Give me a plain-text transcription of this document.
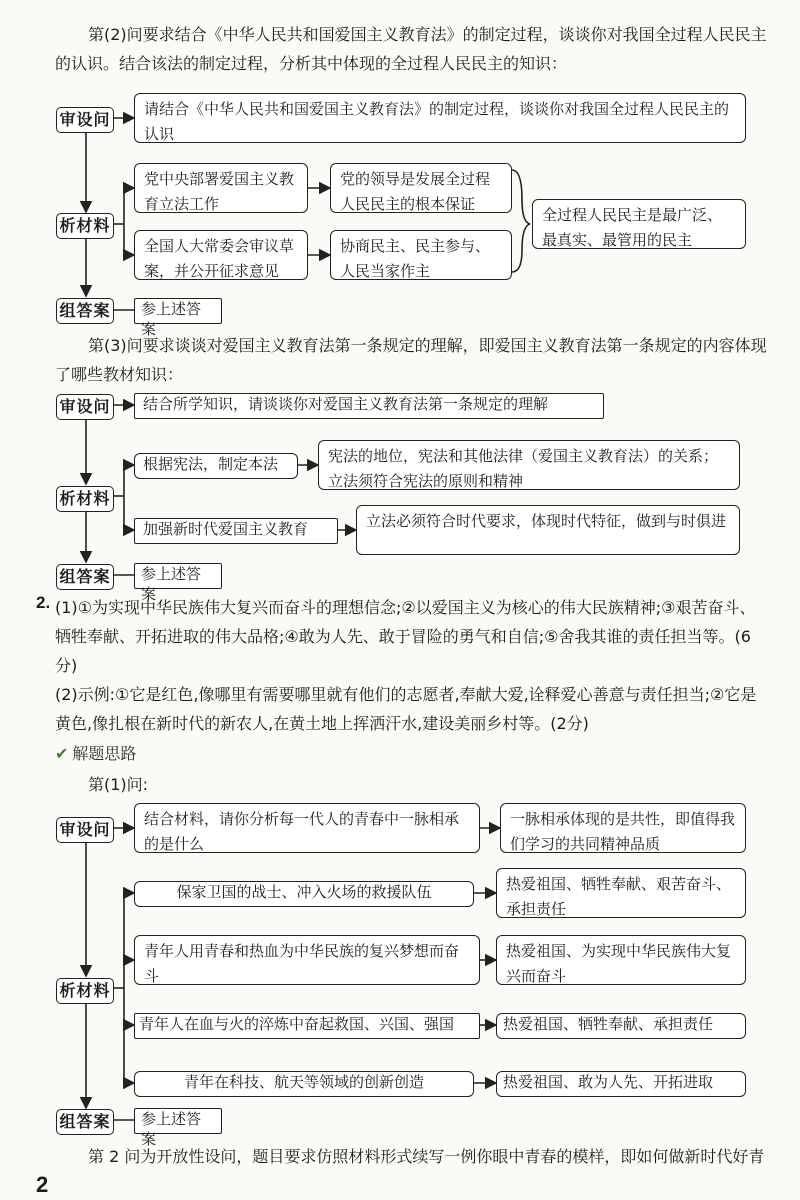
第(2)问要求结合《中华人民共和国爱国主义教育法》的制定过程，谈谈你对我国全过程人民民主的认识。结合该法的制定过程，分析其中体现的全过程人民民主的知识：

审设问
请结合《中华人民共和国爱国主义教育法》的制定过程，谈谈你对我国全过程人民民主的认识
析材料
党中央部署爱国主义教育立法工作
全国人大常委会审议草案，并公开征求意见
党的领导是发展全过程人民民主的根本保证
协商民主、民主参与、人民当家作主
全过程人民民主是最广泛、最真实、最管用的民主
组答案	参上述答案

第(3)问要求谈谈对爱国主义教育法第一条规定的理解，即爱国主义教育法第一条规定的内容体现了哪些教材知识：

审设问	结合所学知识，请谈谈你对爱国主义教育法第一条规定的理解
析材料
根据宪法，制定本法
加强新时代爱国主义教育
宪法的地位，宪法和其他法律（爱国主义教育法）的关系；立法须符合宪法的原则和精神
立法必须符合时代要求，体现时代特征，做到与时俱进
组答案	参上述答案
2. (1)①为实现中华民族伟大复兴而奋斗的理想信念;②以爱国主义为核心的伟大民族精神;③艰苦奋斗、牺牲奉献、开拓进取的伟大品格;④敢为人先、敢于冒险的勇气和自信;⑤舍我其谁的责任担当等。(6分)

(2)示例:①它是红色,像哪里有需要哪里就有他们的志愿者,奉献大爱,诠释爱心善意与责任担当;②它是黄色,像扎根在新时代的新农人,在黄土地上挥洒汗水,建设美丽乡村等。(2分)

✔ 解题思路

第(1)问:

审设问
结合材料，请你分析每一代人的青春中一脉相承的是什么
一脉相承体现的是共性，即值得我们学习的共同精神品质
析材料
保家卫国的战士、冲入火场的救援队伍
青年人用青春和热血为中华民族的复兴梦想而奋斗
青年人在血与火的淬炼中奋起救国、兴国、强国
青年在科技、航天等领域的创新创造
热爱祖国、牺牲奉献、艰苦奋斗、承担责任
热爱祖国、为实现中华民族伟大复兴而奋斗
热爱祖国、牺牲奉献、承担责任
热爱祖国、敢为人先、开拓进取
组答案	参上述答案

第 2 问为开放性设问，题目要求仿照材料形式续写一例你眼中青春的模样，即如何做新时代好青

2
